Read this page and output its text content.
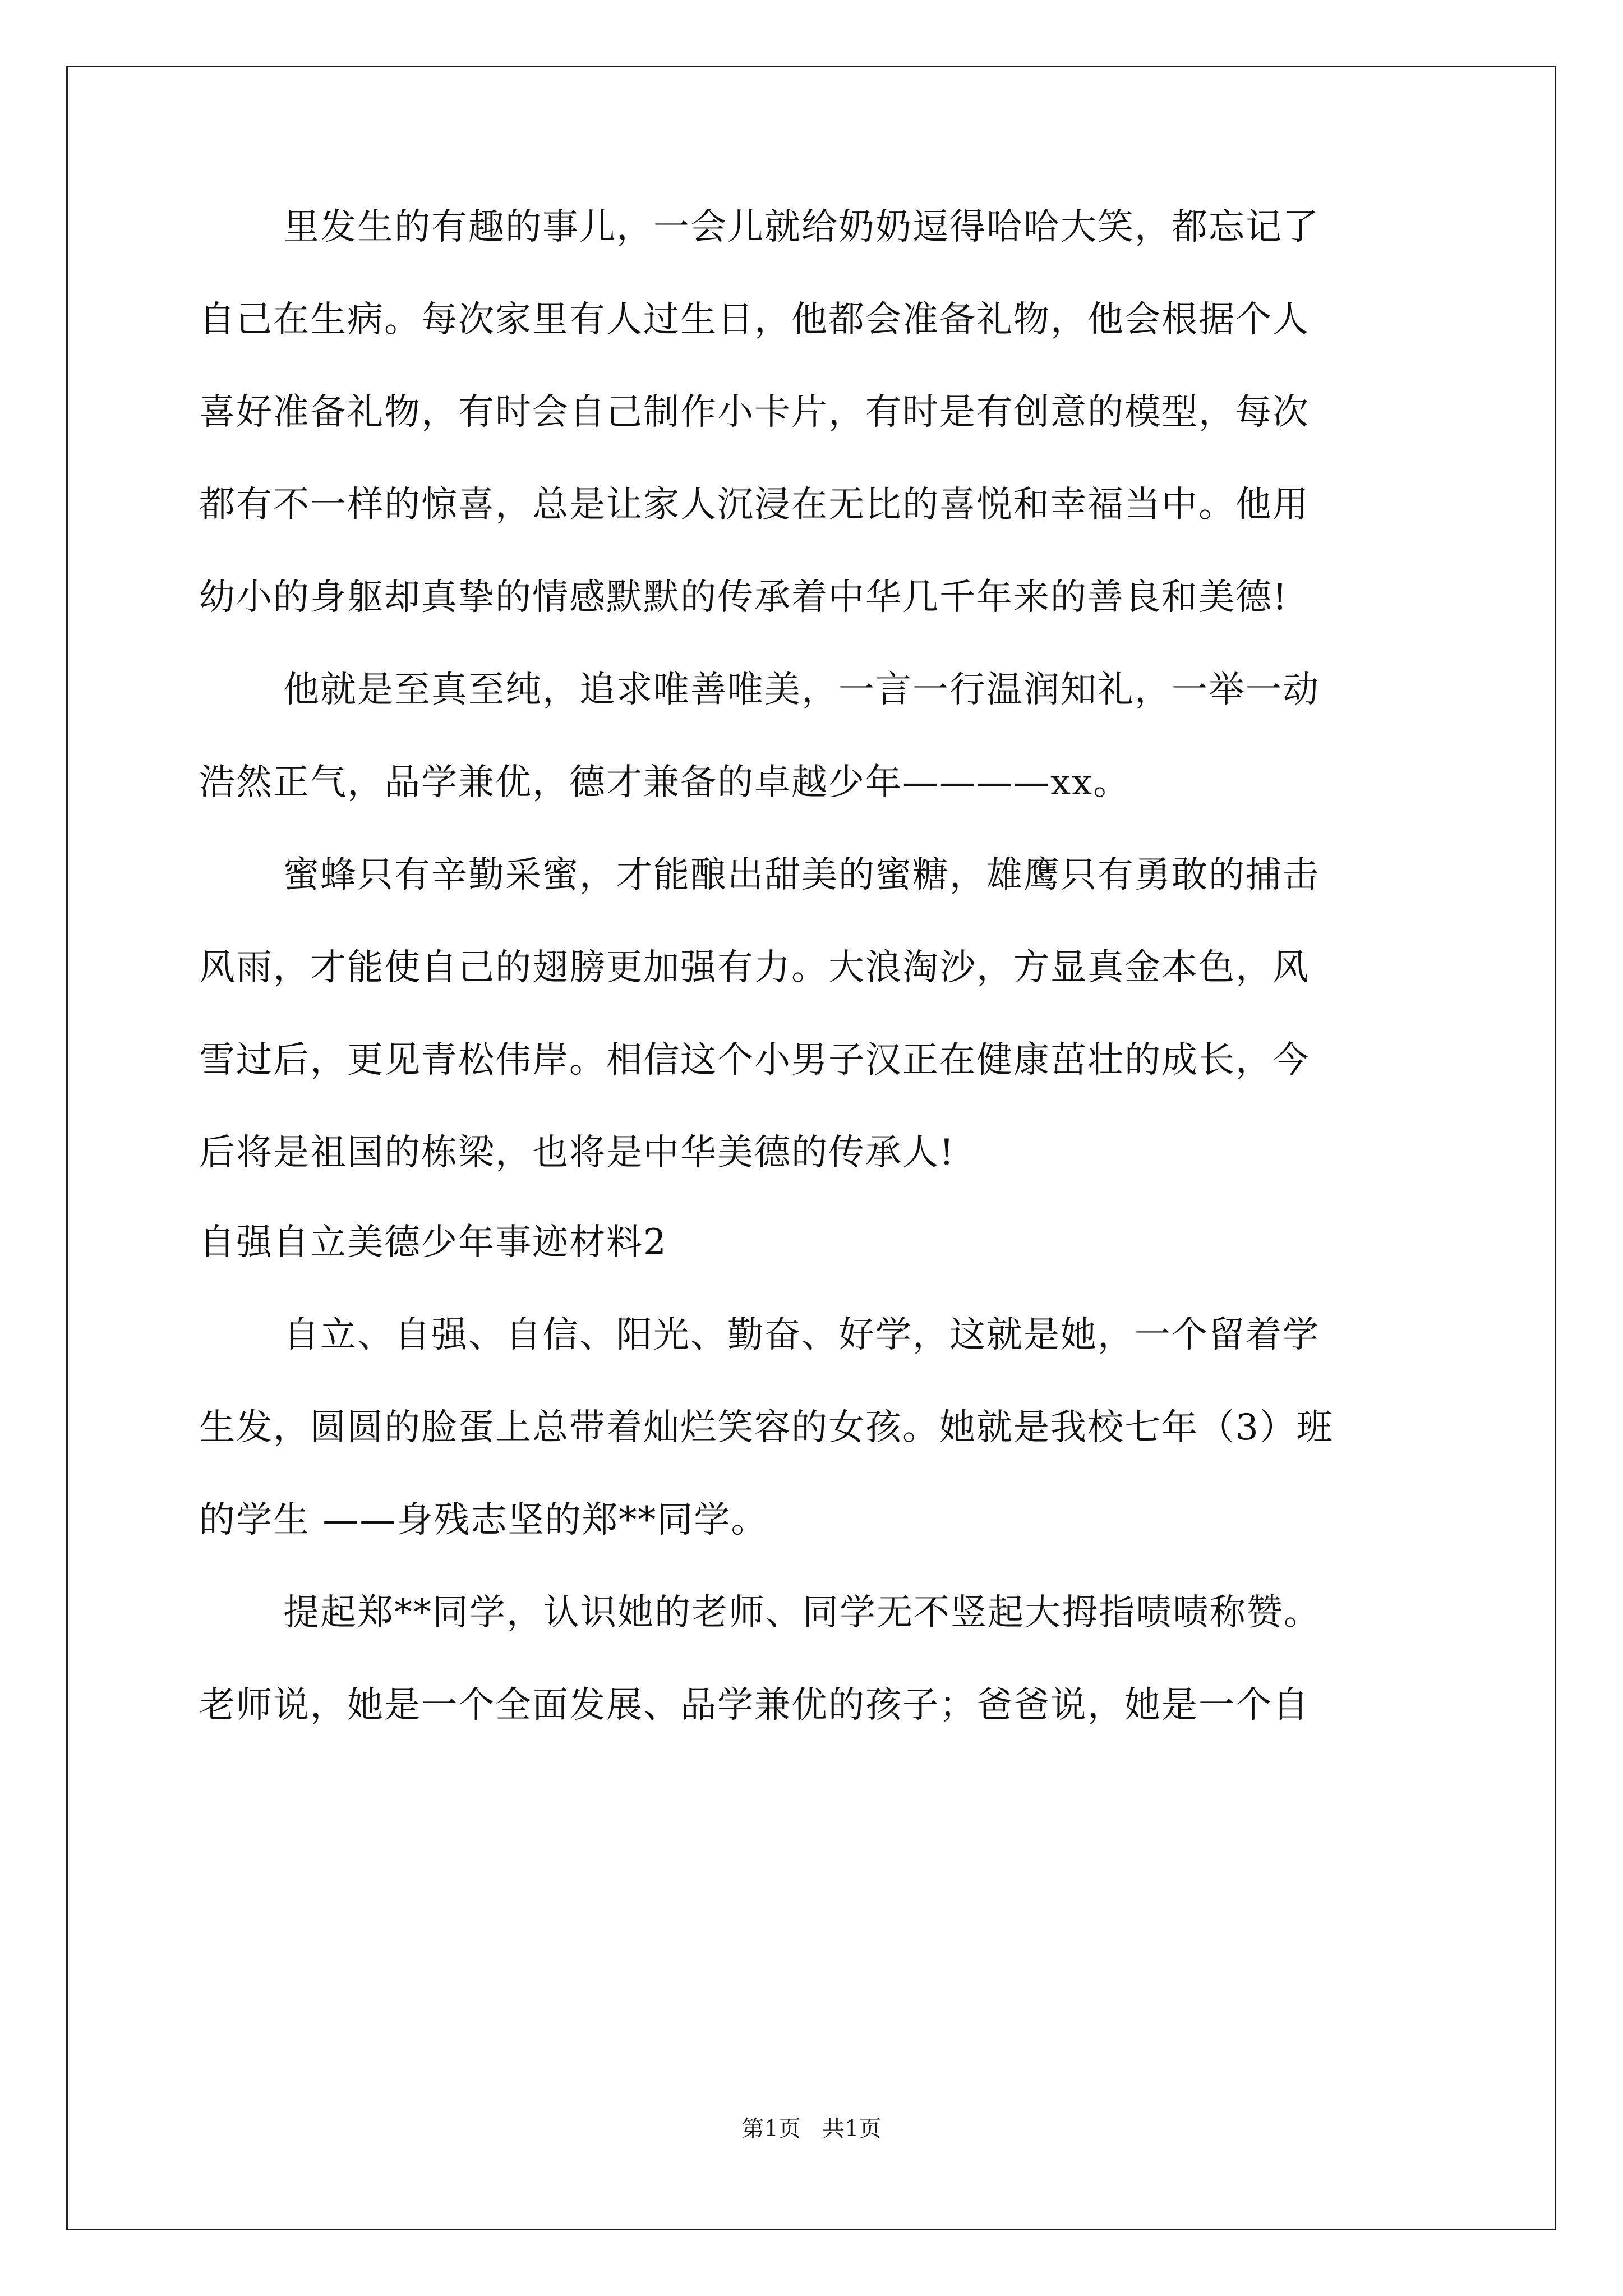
里发生的有趣的事儿，一会儿就给奶奶逗得哈哈大笑，都忘记了
自己在生病。每次家里有人过生日，他都会准备礼物，他会根据个人
喜好准备礼物，有时会自己制作小卡片，有时是有创意的模型，每次
都有不一样的惊喜，总是让家人沉浸在无比的喜悦和幸福当中。他用
幼小的身躯却真挚的情感默默的传承着中华几千年来的善良和美德!
他就是至真至纯，追求唯善唯美，一言一行温润知礼，一举一动
浩然正气，品学兼优，德才兼备的卓越少年————xx。
蜜蜂只有辛勤采蜜，才能酿出甜美的蜜糖，雄鹰只有勇敢的捕击
风雨，才能使自己的翅膀更加强有力。大浪淘沙，方显真金本色，风
雪过后，更见青松伟岸。相信这个小男子汉正在健康茁壮的成长，今
后将是祖国的栋梁，也将是中华美德的传承人!
自强自立美德少年事迹材料2
自立、自强、自信、阳光、勤奋、好学，这就是她，一个留着学
生发，圆圆的脸蛋上总带着灿烂笑容的女孩。她就是我校七年（3）班
的学生 ——身残志坚的郑**同学。
提起郑**同学，认识她的老师、同学无不竖起大拇指啧啧称赞。
老师说，她是一个全面发展、品学兼优的孩子；爸爸说，她是一个自
第1页   共1页
